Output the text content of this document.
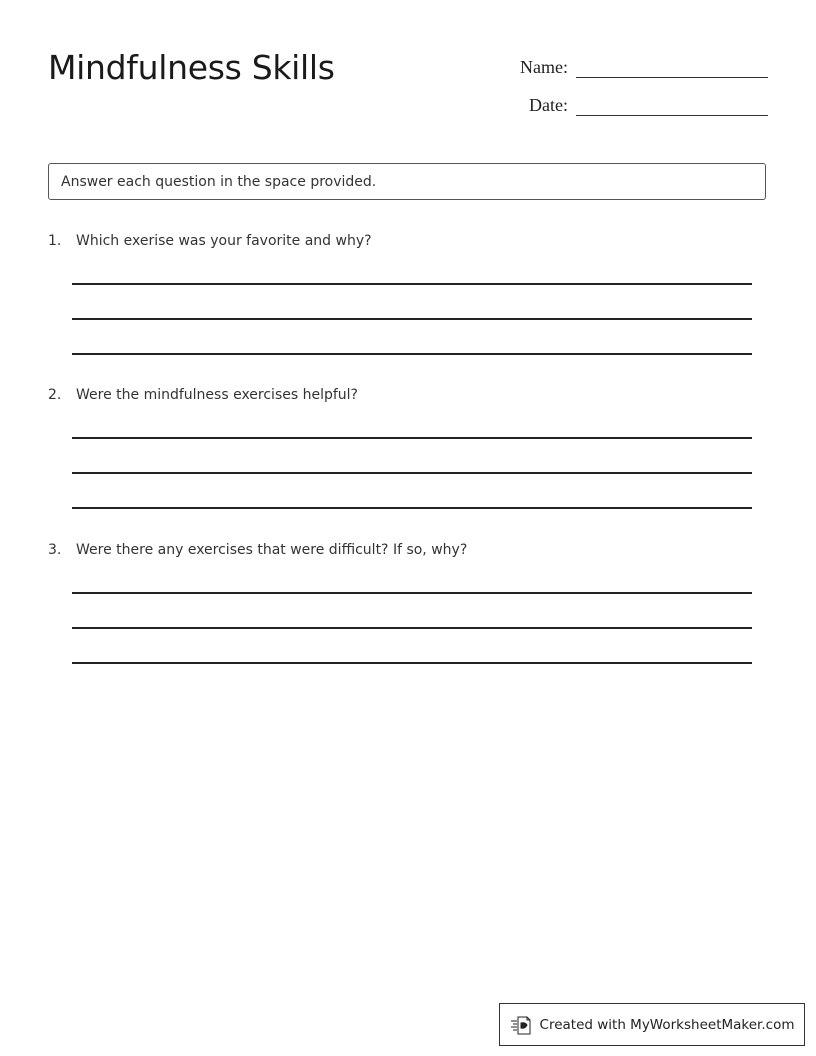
Mindfulness Skills	Name:
Date:
Answer each question in the space provided.
1.	Which exerise was your favorite and why?
2.	Were the mindfulness exercises helpful?
3.	Were there any exercises that were difficult? If so, why?
Created with MyWorksheetMaker.com
